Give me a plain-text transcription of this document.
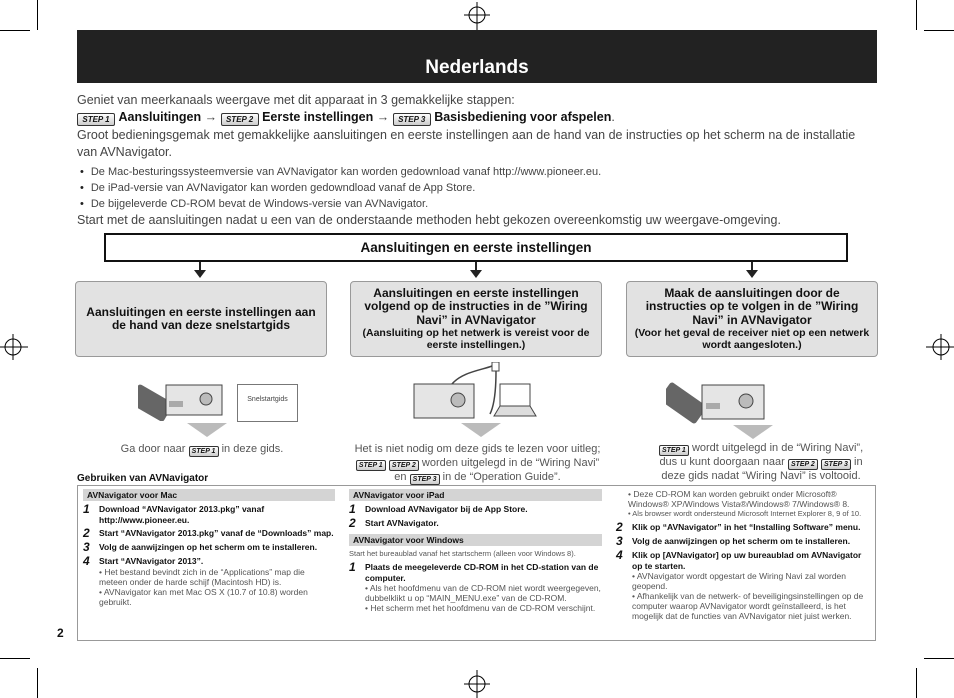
Nederlands
Geniet van meerkanaals weergave met dit apparaat in 3 gemakkelijke stappen:
STEP 1 Aansluitingen → STEP 2 Eerste instellingen → STEP 3 Basisbediening voor afspelen.
Groot bedieningsgemak met gemakkelijke aansluitingen en eerste instellingen aan de hand van de instructies op het scherm na de installatie van AVNavigator.
• De Mac-besturingssysteemversie van AVNavigator kan worden gedownload vanaf http://www.pioneer.eu.
• De iPad-versie van AVNavigator kan worden gedowndload vanaf de App Store.
• De bijgeleverde CD-ROM bevat de Windows-versie van AVNavigator.
Start met de aansluitingen nadat u een van de onderstaande methoden hebt gekozen overeenkomstig uw weergave-omgeving.
Aansluitingen en eerste instellingen
Aansluitingen en eerste instellingen aan de hand van deze snelstartgids
Aansluitingen en eerste instellingen volgend op de instructies in de ”Wiring Navi” in AVNavigator
(Aansluiting op het netwerk is vereist voor de eerste instellingen.)
Maak de aansluitingen door de instructies op te volgen in de ”Wiring Navi” in AVNavigator
(Voor het geval de receiver niet op een netwerk wordt aangesloten.)
Snelstartgids
Ga door naar STEP 1 in deze gids.	Het is niet nodig om deze gids te lezen voor uitleg;
STEP 1 STEP 2 worden uitgelegd in de “Wiring Navi”
en STEP 3 in de “Operation Guide”.
STEP 1 wordt uitgelegd in de “Wiring Navi”,
dus u kunt doorgaan naar STEP 2 STEP 3 in
deze gids nadat “Wiring Navi” is voltooid.
Gebruiken van AVNavigator
AVNavigator voor Mac
1	Download “AVNavigator 2013.pkg” vanaf http://www.pioneer.eu.
2	Start “AVNavigator 2013.pkg” vanaf de “Downloads” map.
3	Volg de aanwijzingen op het scherm om te installeren.
4	Start “AVNavigator 2013”.
• Het bestand bevindt zich in de “Applications” map die meteen onder de harde schijf (Macintosh HD) is.
• AVNavigator kan met Mac OS X (10.7 of 10.8) worden gebruikt.
AVNavigator voor iPad
1	Download AVNavigator bij de App Store.
2	Start AVNavigator.
AVNavigator voor Windows
Start het bureaublad vanaf het startscherm (alleen voor Windows 8).
1	Plaats de meegeleverde CD-ROM in het CD-station van de computer.
• Als het hoofdmenu van de CD-ROM niet wordt weergegeven, dubbelklikt u op “MAIN_MENU.exe” van de CD-ROM.
• Het scherm met het hoofdmenu van de CD-ROM verschijnt.
• Deze CD-ROM kan worden gebruikt onder Microsoft® Windows® XP/Windows Vista®/Windows® 7/Windows® 8.
• Als browser wordt ondersteund Microsoft Internet Explorer 8, 9 of 10.
2	Klik op “AVNavigator” in het “Installing Software” menu.
3	Volg de aanwijzingen op het scherm om te installeren.
4	Klik op [AVNavigator] op uw bureaublad om AVNavigator op te starten.
• AVNavigator wordt opgestart de Wiring Navi zal worden geopend.
• Afhankelijk van de netwerk- of beveiligingsinstellingen op de computer waarop AVNavigator wordt geïnstalleerd, is het mogelijk dat de functies van AVNavigator niet juist werken.
2
